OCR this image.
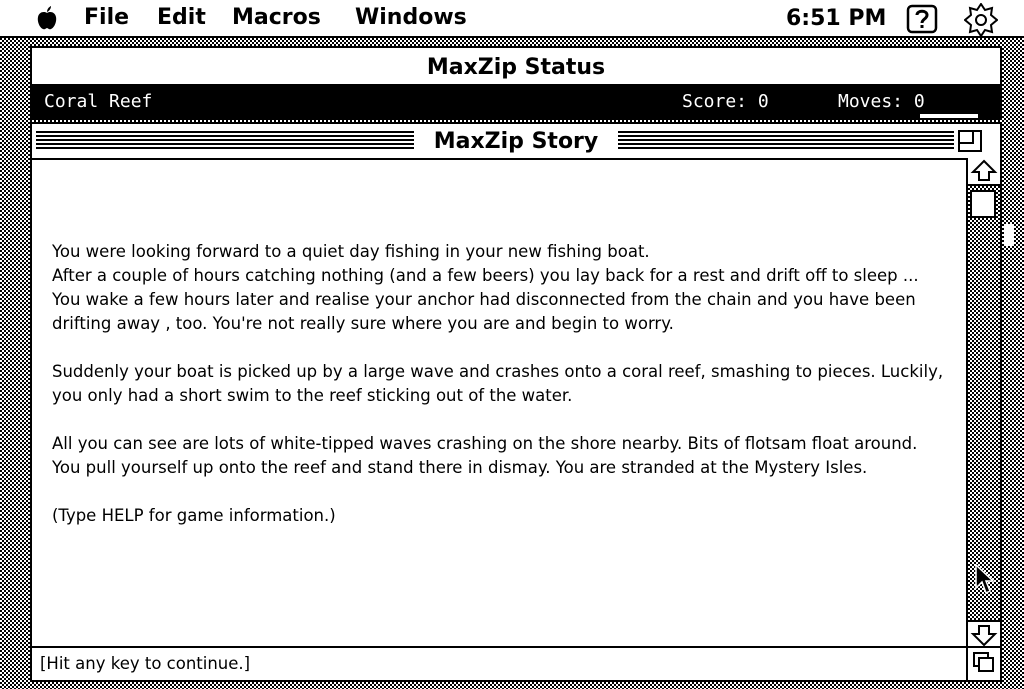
File Edit Macros Windows	6:51 PM
MaxZip Status
Coral Reef	Score: 0	Moves: 0
MaxZip Story

You were looking forward to a quiet day fishing in your new fishing boat.
After a couple of hours catching nothing (and a few beers) you lay back for a rest and drift off to sleep ...
You wake a few hours later and realise your anchor had disconnected from the chain and you have been drifting away , too. You're not really sure where you are and begin to worry.

Suddenly your boat is picked up by a large wave and crashes onto a coral reef, smashing to pieces. Luckily, you only had a short swim to the reef sticking out of the water.

All you can see are lots of white-tipped waves crashing on the shore nearby. Bits of flotsam float around.
You pull yourself up onto the reef and stand there in dismay. You are stranded at the Mystery Isles.

(Type HELP for game information.)

[Hit any key to continue.]
